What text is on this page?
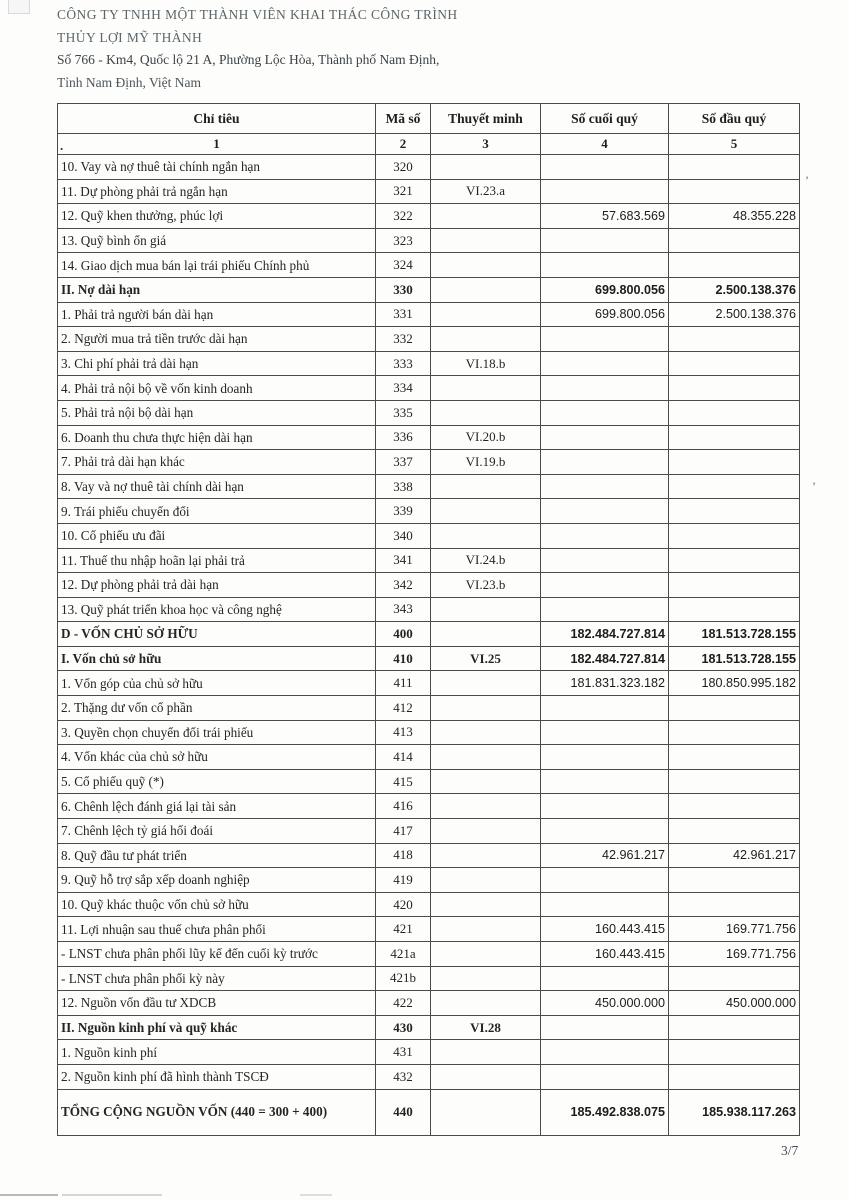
CÔNG TY TNHH MỘT THÀNH VIÊN KHAI THÁC CÔNG TRÌNH
THỦY LỢI MỸ THÀNH
Số 766 - Km4, Quốc lộ 21 A, Phường Lộc Hòa, Thành phố Nam Định,
Tỉnh Nam Định, Việt Nam
Chỉ tiêu	Mã số	Thuyết minh	Số cuối quý	Số đầu quý

. 1	2	3	4	5
10. Vay và nợ thuê tài chính ngắn hạn	320			
11. Dự phòng phải trả ngắn hạn	321	VI.23.a		
12. Quỹ khen thưởng, phúc lợi	322		57.683.569	48.355.228
13. Quỹ bình ổn giá	323			
14. Giao dịch mua bán lại trái phiếu Chính phủ	324			
II. Nợ dài hạn	330		699.800.056	2.500.138.376
1. Phải trả người bán dài hạn	331		699.800.056	2.500.138.376
2. Người mua trả tiền trước dài hạn	332			
3. Chi phí phải trả dài hạn	333	VI.18.b		
4. Phải trả nội bộ về vốn kinh doanh	334			
5. Phải trả nội bộ dài hạn	335			
6. Doanh thu chưa thực hiện dài hạn	336	VI.20.b		
7. Phải trả dài hạn khác	337	VI.19.b		
8. Vay và nợ thuê tài chính dài hạn	338			
9. Trái phiếu chuyển đổi	339			
10. Cổ phiếu ưu đãi	340			
11. Thuế thu nhập hoãn lại phải trả	341	VI.24.b		
12. Dự phòng phải trả dài hạn	342	VI.23.b		
13. Quỹ phát triển khoa học và công nghệ	343			
D - VỐN CHỦ SỞ HỮU	400		182.484.727.814	181.513.728.155
I. Vốn chủ sở hữu	410	VI.25	182.484.727.814	181.513.728.155
1. Vốn góp của chủ sở hữu	411		181.831.323.182	180.850.995.182
2. Thặng dư vốn cổ phần	412			
3. Quyền chọn chuyển đổi trái phiếu	413			
4. Vốn khác của chủ sở hữu	414			
5. Cổ phiếu quỹ (*)	415			
6. Chênh lệch đánh giá lại tài sản	416			
7. Chênh lệch tỷ giá hối đoái	417			
8. Quỹ đầu tư phát triển	418		42.961.217	42.961.217
9. Quỹ hỗ trợ sắp xếp doanh nghiệp	419			
10. Quỹ khác thuộc vốn chủ sở hữu	420			
11. Lợi nhuận sau thuế chưa phân phối	421		160.443.415	169.771.756
- LNST chưa phân phối lũy kế đến cuối kỳ trước	421a		160.443.415	169.771.756
- LNST chưa phân phối kỳ này	421b			
12. Nguồn vốn đầu tư XDCB	422		450.000.000	450.000.000
II. Nguồn kinh phí và quỹ khác	430	VI.28		
1. Nguồn kinh phí	431			
2. Nguồn kinh phí đã hình thành TSCĐ	432			
TỔNG CỘNG NGUỒN VỐN (440 = 300 + 400)	440		185.492.838.075	185.938.117.263
’
’
3/7
